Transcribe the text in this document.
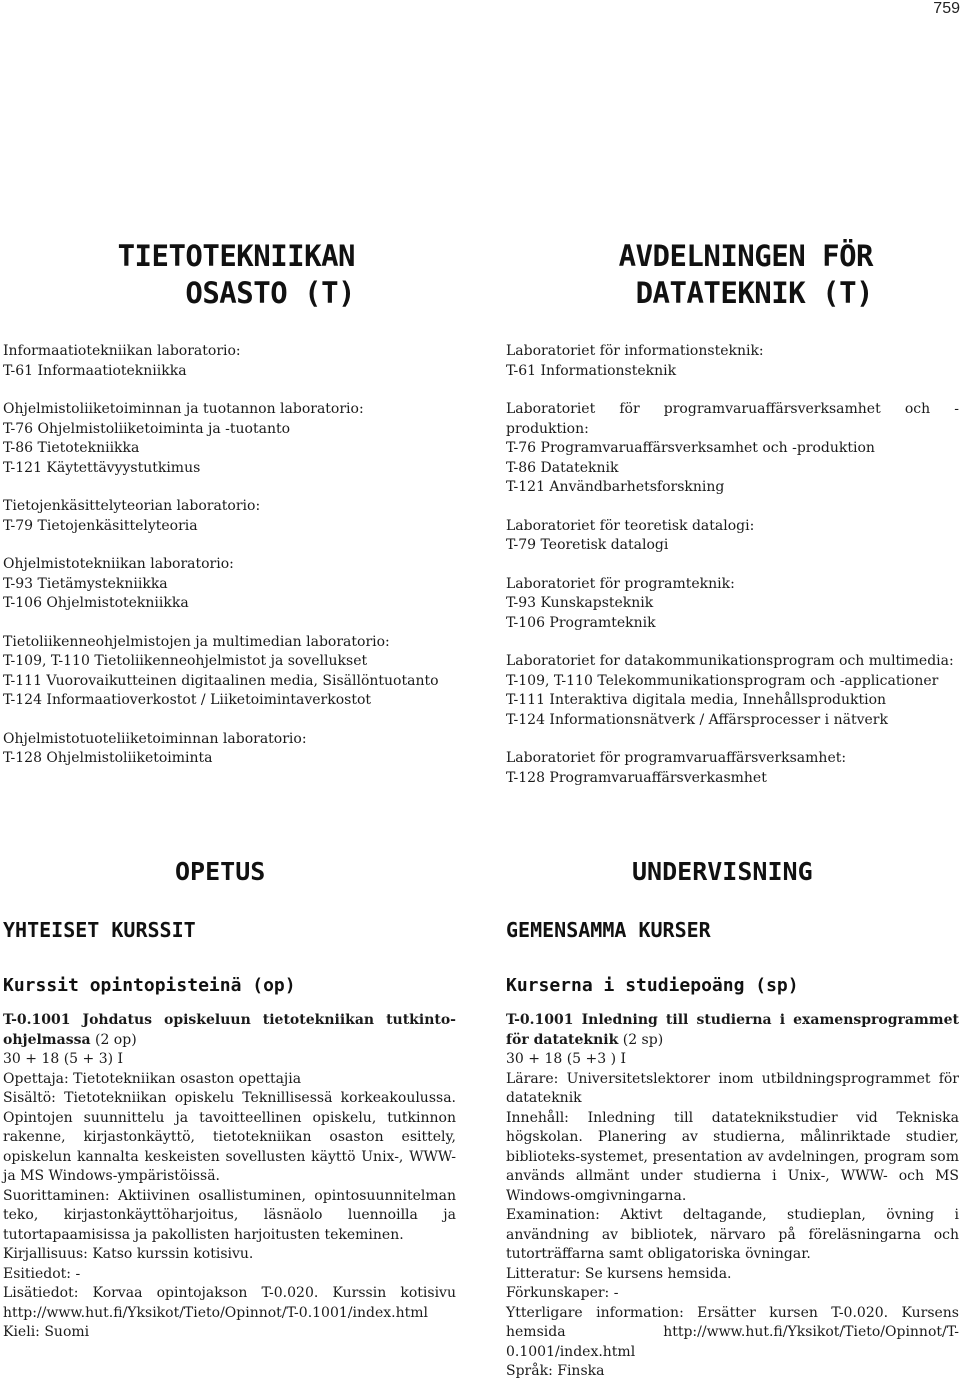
759
TIETOTEKNIIKAN
OSASTO (T)
Informaatiotekniikan laboratorio:
T-61 Informaatiotekniikka
Ohjelmistoliiketoiminnan ja tuotannon laboratorio:
T-76 Ohjelmistoliiketoiminta ja -tuotanto
T-86 Tietotekniikka
T-121 Käytettävyystutkimus
Tietojenkäsittelyteorian laboratorio:
T-79 Tietojenkäsittelyteoria
Ohjelmistotekniikan laboratorio:
T-93 Tietämystekniikka
T-106 Ohjelmistotekniikka
Tietoliikenneohjelmistojen ja multimedian laboratorio:
T-109, T-110 Tietoliikenneohjelmistot ja sovellukset
T-111 Vuorovaikutteinen digitaalinen media, Sisällöntuotanto
T-124 Informaatioverkostot / Liiketoimintaverkostot
Ohjelmistotuoteliiketoiminnan laboratorio:
T-128 Ohjelmistoliiketoiminta
OPETUS
YHTEISET KURSSIT
Kurssit opintopisteinä (op)

T-0.1001 Johdatus opiskeluun tietotekniikan tutkinto-ohjelmassa (2 op)

30 + 18 (5 + 3) I

Opettaja: Tietotekniikan osaston opettajia

Sisältö: Tietotekniikan opiskelu Teknillisessä korkeakoulussa. Opintojen suunnittelu ja tavoitteellinen opiskelu, tutkinnon rakenne, kirjastonkäyttö, tietotekniikan osaston esittely, opiskelun kannalta keskeisten sovellusten käyttö Unix-, WWW- ja MS Windows-ympäristöissä.

Suorittaminen: Aktiivinen osallistuminen, opintosuunnitelman teko, kirjastonkäyttöharjoitus, läsnäolo luennoilla ja tutortapaamisissa ja pakollisten harjoitusten tekeminen.

Kirjallisuus: Katso kurssin kotisivu.

Esitiedot: -

Lisätiedot: Korvaa opintojakson T-0.020. Kurssin kotisivu http://www.hut.fi/Yksikot/Tieto/Opinnot/T-0.1001/index.html

Kieli: Suomi

AVDELNINGEN FÖR
DATATEKNIK (T)
Laboratoriet för informationsteknik:
T-61 Informationsteknik
Laboratoriet för programvaruaffärsverksamhet och -produktion:
T-76 Programvaruaffärsverksamhet och -produktion
T-86 Datateknik
T-121 Användbarhetsforskning
Laboratoriet för teoretisk datalogi:
T-79 Teoretisk datalogi
Laboratoriet för programteknik:
T-93 Kunskapsteknik
T-106 Programteknik
Laboratoriet for datakommunikationsprogram och multimedia:
T-109, T-110 Telekommunikationsprogram och -applicationer
T-111 Interaktiva digitala media, Innehållsproduktion
T-124 Informationsnätverk / Affärsprocesser i nätverk
Laboratoriet för programvaruaffärsverksamhet:
T-128 Programvaruaffärsverkasmhet
UNDERVISNING
GEMENSAMMA KURSER
Kurserna i studiepoäng (sp)

T-0.1001 Inledning till studierna i examensprogrammet för datateknik (2 sp)

30 + 18 (5 +3 ) I

Lärare: Universitetslektorer inom utbildningsprogrammet för datateknik

Innehåll: Inledning till datateknikstudier vid Tekniska högskolan. Planering av studierna, målinriktade studier, biblioteks-systemet, presentation av avdelningen, program som används allmänt under studierna i Unix-, WWW- och MS Windows-omgivningarna.

Examination: Aktivt deltagande, studieplan, övning i användning av bibliotek, närvaro på föreläsningarna och tutorträffarna samt obligatoriska övningar.

Litteratur: Se kursens hemsida.

Förkunskaper: -

Ytterligare information: Ersätter kursen T-0.020. Kursens hemsida http://www.hut.fi/Yksikot/Tieto/Opinnot/T-0.1001/index.html

Språk: Finska
